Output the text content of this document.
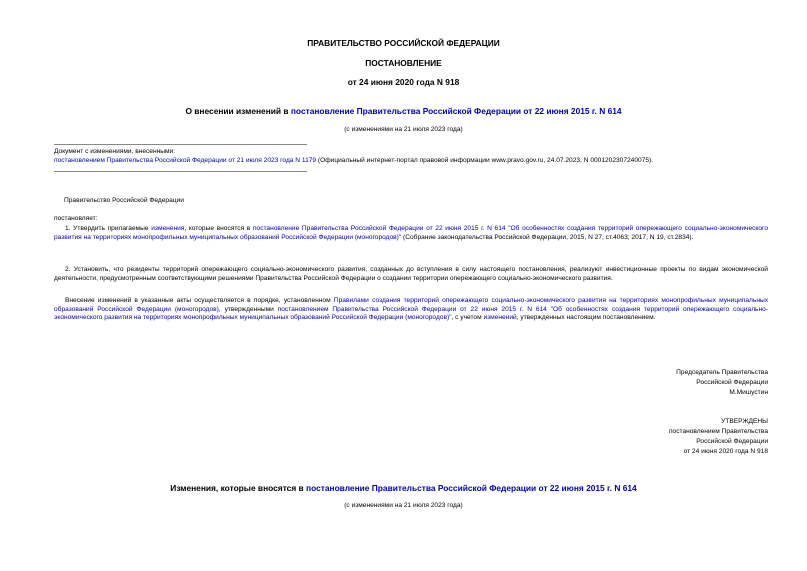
ПРАВИТЕЛЬСТВО РОССИЙСКОЙ ФЕДЕРАЦИИ
ПОСТАНОВЛЕНИЕ
от 24 июня 2020 года N 918
О внесении изменений в постановление Правительства Российской Федерации от 22 июня 2015 г. N 614
(с изменениями на 21 июля 2023 года)
Документ с изменениями, внесенными:
постановлением Правительства Российской Федерации от 21 июля 2023 года N 1179 (Официальный интернет-портал правовой информации www.pravo.gov.ru, 24.07.2023, N 0001202307240075).
Правительство Российской Федерации
постановляет:
1. Утвердить прилагаемые изменения, которые вносятся в постановление Правительства Российской Федерации от 22 июня 2015 г. N 614 "Об особенностях создания территорий опережающего социально-экономического развития на территориях монопрофильных муниципальных образований Российской Федерации (моногородов)" (Собрание законодательства Российской Федерации, 2015, N 27, ст.4063; 2017, N 19, ст.2834).
2. Установить, что резиденты территорий опережающего социально-экономического развития, созданных до вступления в силу настоящего постановления, реализуют инвестиционные проекты по видам экономической деятельности, предусмотренным соответствующими решениями Правительства Российской Федерации о создании территории опережающего социально-экономического развития.
Внесение изменений в указанные акты осуществляется в порядке, установленном Правилами создания территорий опережающего социально-экономического развития на территориях монопрофильных муниципальных образований Российской Федерации (моногородов), утвержденными постановлением Правительства Российской Федерации от 22 июня 2015 г. N 614 "Об особенностях создания территорий опережающего социально-экономического развития на территориях монопрофильных муниципальных образований Российской Федерации (моногородов)", с учетом изменений, утвержденных настоящим постановлением.
Председатель Правительства
Российской Федерации
М.Мишустин
УТВЕРЖДЕНЫ
постановлением Правительства
Российской Федерации
от 24 июня 2020 года N 918
Изменения, которые вносятся в постановление Правительства Российской Федерации от 22 июня 2015 г. N 614
(с изменениями на 21 июля 2023 года)
